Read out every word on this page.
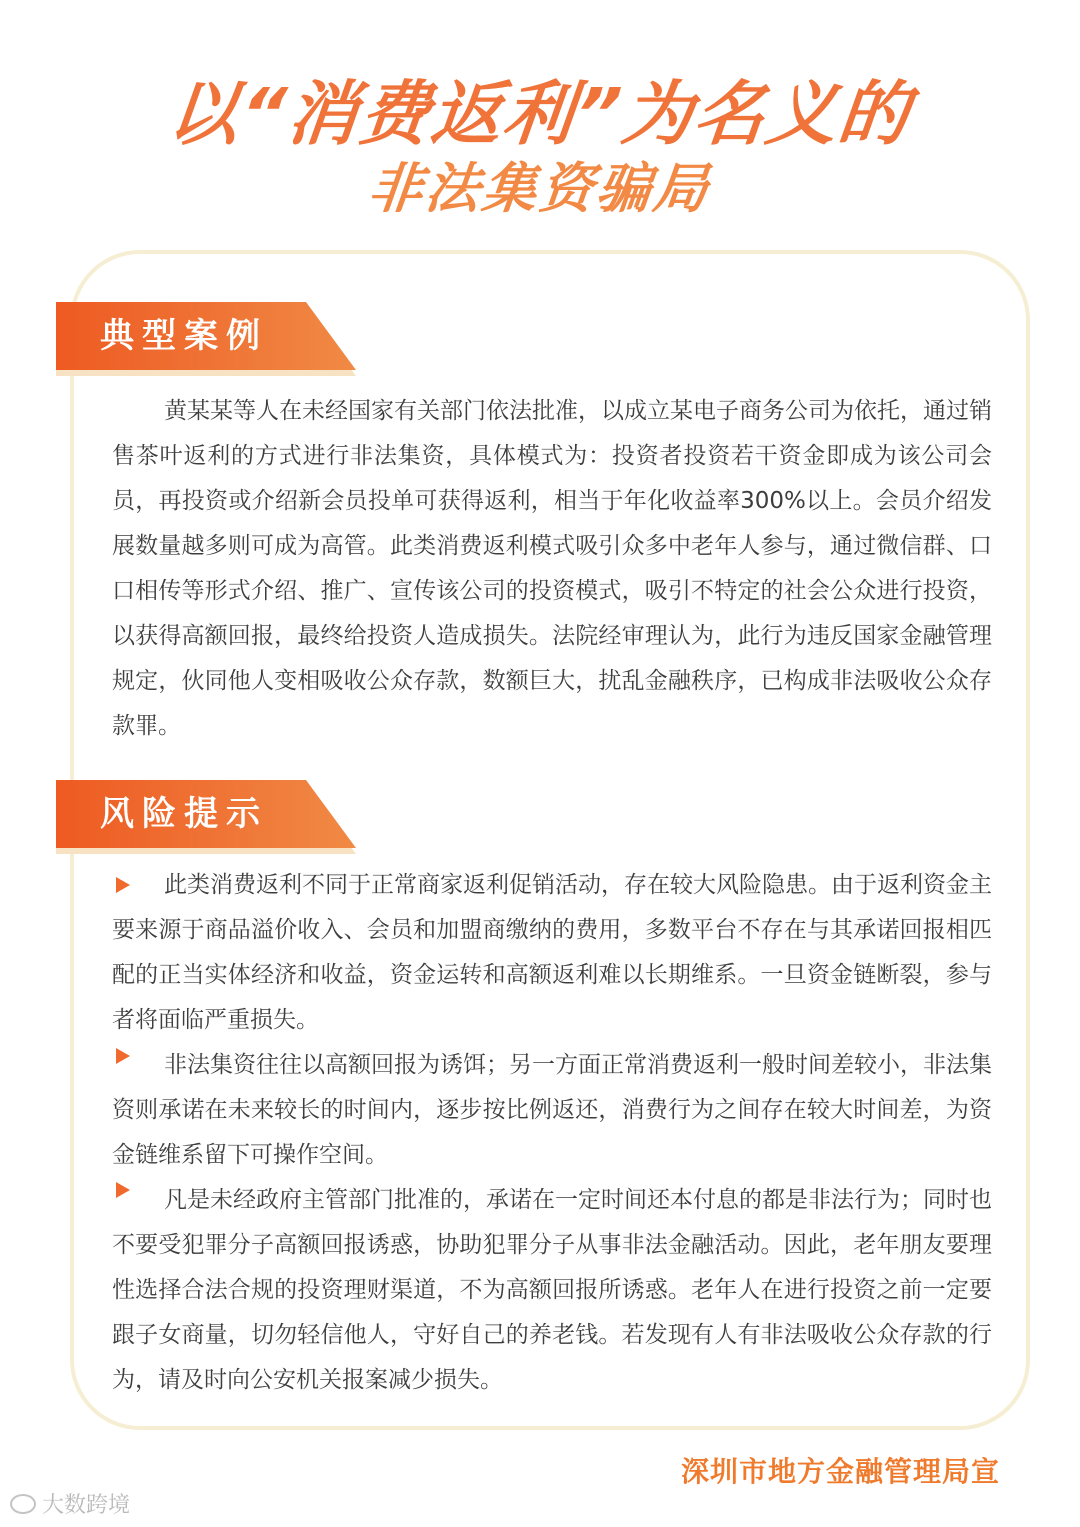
以“消费返利”为名义的
非法集资骗局
典型案例

黄某某等人在未经国家有关部门依法批准，以成立某电子商务公司为依托，通过销售茶叶返利的方式进行非法集资，具体模式为：投资者投资若干资金即成为该公司会员，再投资或介绍新会员投单可获得返利，相当于年化收益率300%以上。会员介绍发展数量越多则可成为高管。此类消费返利模式吸引众多中老年人参与，通过微信群、口口相传等形式介绍、推广、宣传该公司的投资模式，吸引不特定的社会公众进行投资，以获得高额回报，最终给投资人造成损失。法院经审理认为，此行为违反国家金融管理规定，伙同他人变相吸收公众存款，数额巨大，扰乱金融秩序，已构成非法吸收公众存款罪。

风险提示

此类消费返利不同于正常商家返利促销活动，存在较大风险隐患。由于返利资金主要来源于商品溢价收入、会员和加盟商缴纳的费用，多数平台不存在与其承诺回报相匹配的正当实体经济和收益，资金运转和高额返利难以长期维系。一旦资金链断裂，参与者将面临严重损失。

非法集资往往以高额回报为诱饵；另一方面正常消费返利一般时间差较小，非法集资则承诺在未来较长的时间内，逐步按比例返还，消费行为之间存在较大时间差，为资金链维系留下可操作空间。

凡是未经政府主管部门批准的，承诺在一定时间还本付息的都是非法行为；同时也不要受犯罪分子高额回报诱惑，协助犯罪分子从事非法金融活动。因此，老年朋友要理性选择合法合规的投资理财渠道，不为高额回报所诱惑。老年人在进行投资之前一定要跟子女商量，切勿轻信他人，守好自己的养老钱。若发现有人有非法吸收公众存款的行为，请及时向公安机关报案减少损失。

深圳市地方金融管理局宣
大数跨境
